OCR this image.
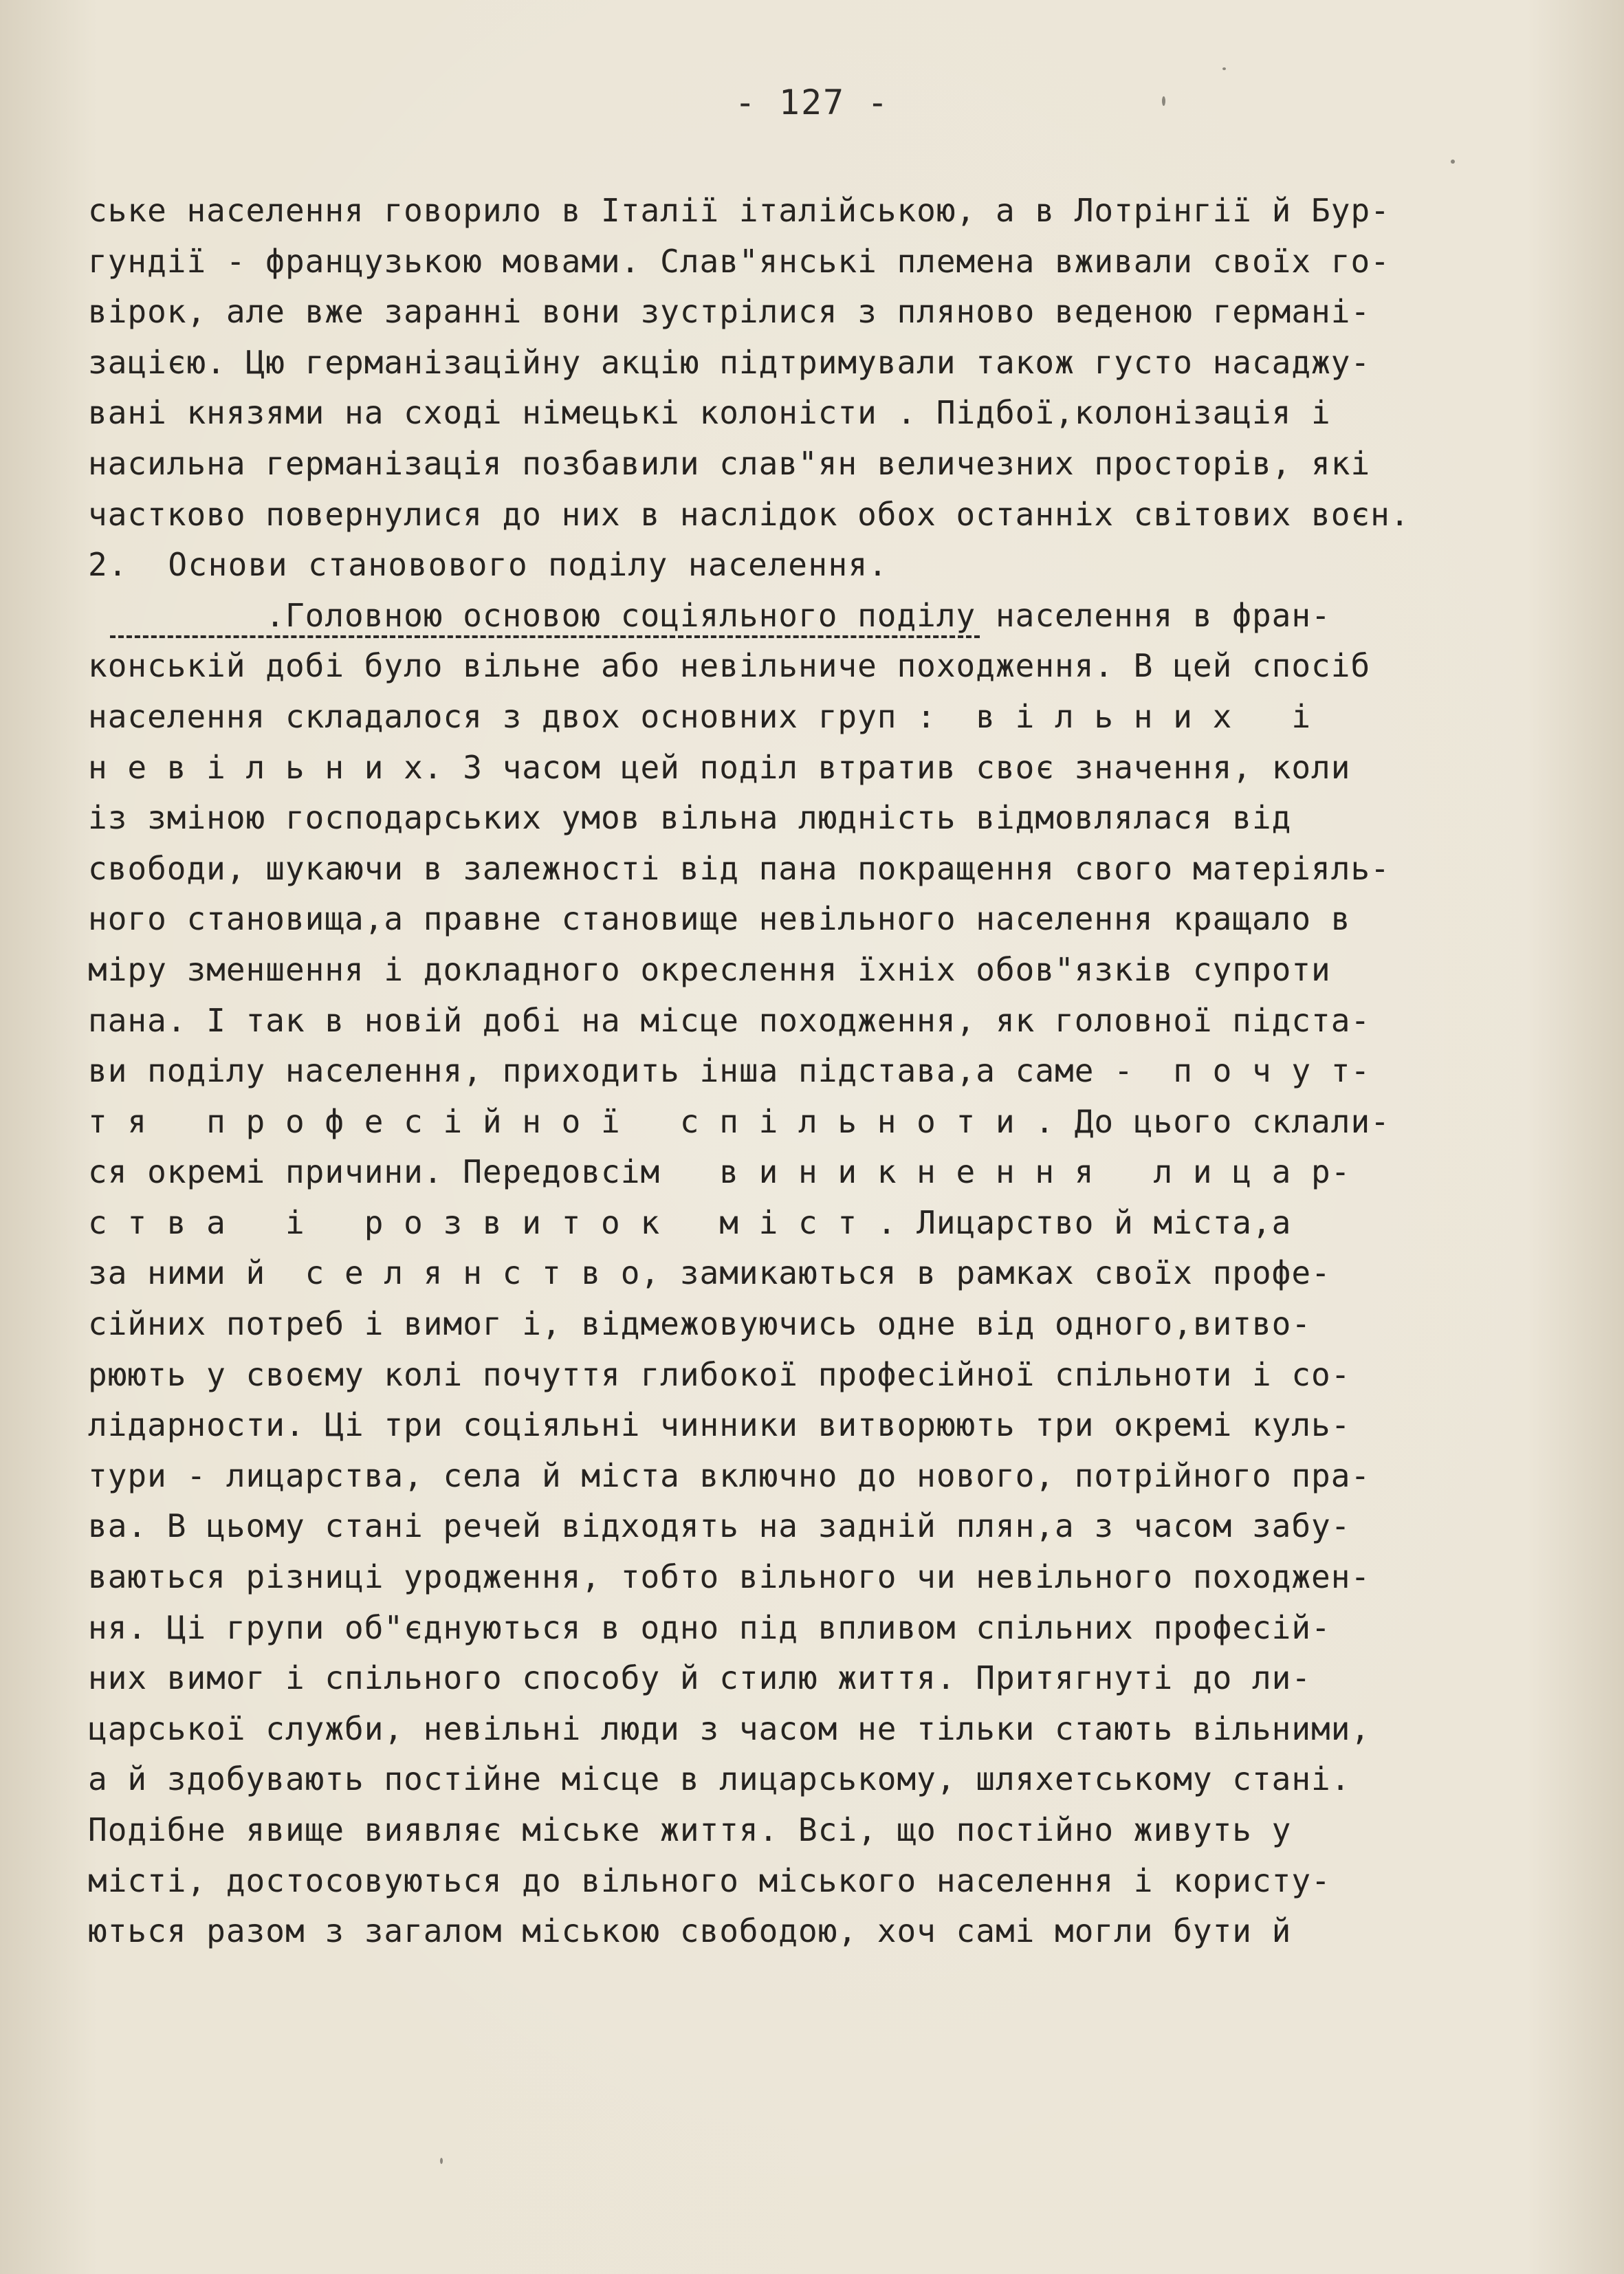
- 127 -
ське населення говорило в Італії італійською, а в Лотрінгії й Бур-
гундії - французькою мовами. Слав"янські племена вживали своїх го-
вірок, але вже заранні вони зустрілися з пляново веденою германі-
зацією. Цю германізаційну акцію підтримували також густо насаджу-
вані князями на сході німецькі колоністи . Підбої,колонізація і
насильна германізація позбавили слав"ян величезних просторів, які
частково повернулися до них в наслідок обох останніх світових воєн.
2.  Основи становового поділу населення.
.Головною основою соціяльного поділу населення в фран-
конській добі було вільне або невільниче походження. В цей спосіб
населення складалося з двох основних груп :  в і л ь н и х   і
н е в і л ь н и х. З часом цей поділ втратив своє значення, коли
із зміною господарських умов вільна людність відмовлялася від
свободи, шукаючи в залежності від пана покращення свого матеріяль-
ного становища,а правне становище невільного населення кращало в
міру зменшення і докладного окреслення їхніх обов"язків супроти
пана. І так в новій добі на місце походження, як головної підста-
ви поділу населення, приходить інша підстава,а саме -  п о ч у т-
т я   п р о ф е с і й н о ї   с п і л ь н о т и . До цього склали-
ся окремі причини. Передовсім   в и н и к н е н н я   л и ц а р-
с т в а   і   р о з в и т о к   м і с т . Лицарство й міста,а
за ними й  с е л я н с т в о, замикаються в рамках своїх профе-
сійних потреб і вимог і, відмежовуючись одне від одного,витво-
рюють у своєму колі почуття глибокої професійної спільноти і со-
лідарности. Ці три соціяльні чинники витворюють три окремі куль-
тури - лицарства, села й міста включно до нового, потрійного пра-
ва. В цьому стані речей відходять на задній плян,а з часом забу-
ваються різниці уродження, тобто вільного чи невільного походжен-
ня. Ці групи об"єднуються в одно під впливом спільних професій-
них вимог і спільного способу й стилю життя. Притягнуті до ли-
царської служби, невільні люди з часом не тільки стають вільними,
а й здобувають постійне місце в лицарському, шляхетському стані.
Подібне явище виявляє міське життя. Всі, що постійно живуть у
місті, достосовуються до вільного міського населення і користу-
ються разом з загалом міською свободою, хоч самі могли бути й
